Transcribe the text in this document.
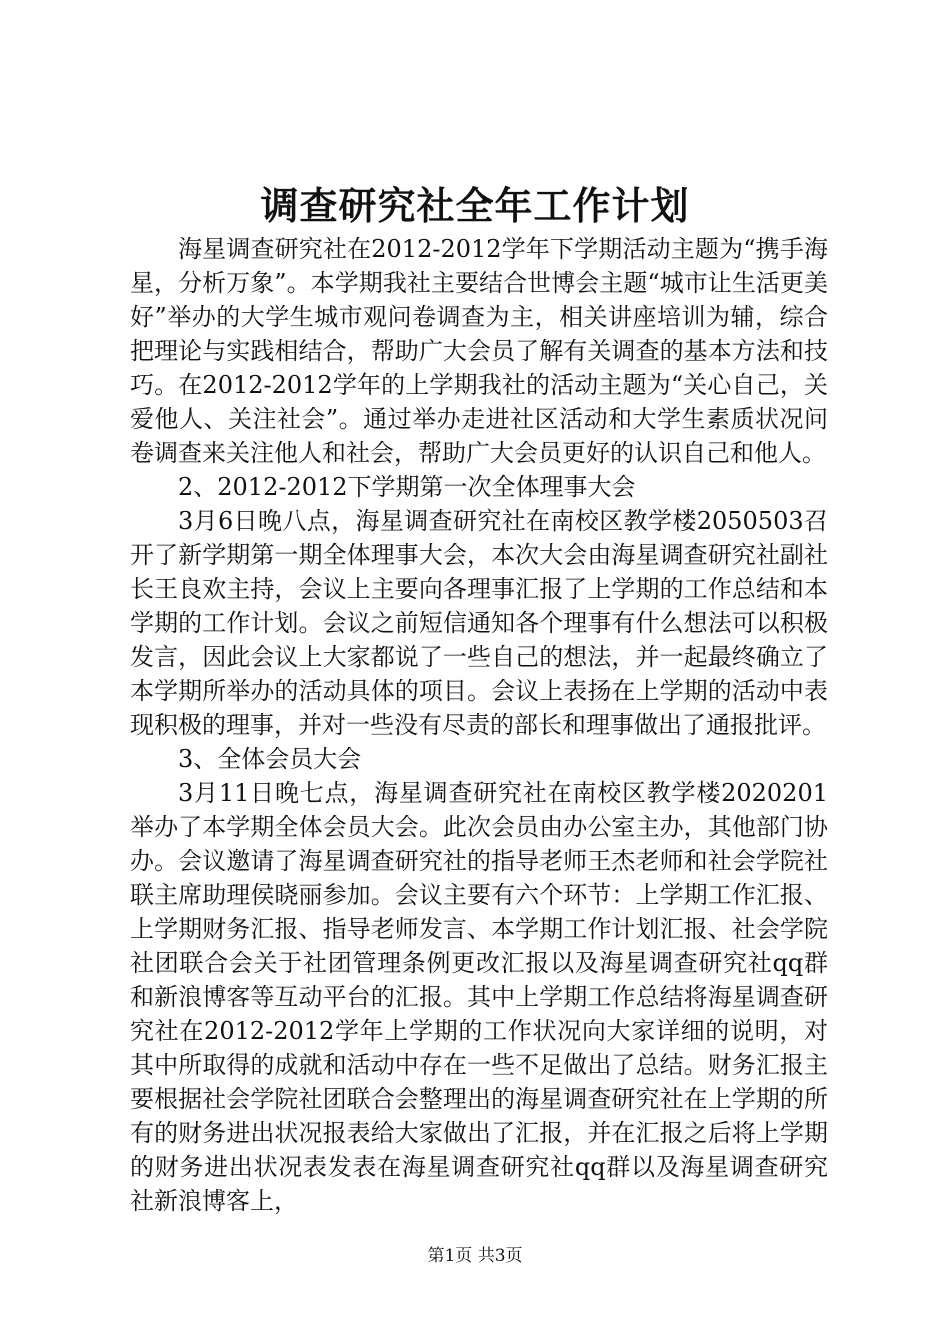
调查研究社全年工作计划

海星调查研究社在2012-2012学年下学期活动主题为“携手海星，分析万象”。本学期我社主要结合世博会主题“城市让生活更美好”举办的大学生城市观问卷调查为主，相关讲座培训为辅，综合把理论与实践相结合，帮助广大会员了解有关调查的基本方法和技巧。在2012-2012学年的上学期我社的活动主题为“关心自己，关爱他人、关注社会”。通过举办走进社区活动和大学生素质状况问卷调查来关注他人和社会，帮助广大会员更好的认识自己和他人。

2、2012-2012下学期第一次全体理事大会

3月6日晚八点，海星调查研究社在南校区教学楼2050503召开了新学期第一期全体理事大会，本次大会由海星调查研究社副社长王良欢主持，会议上主要向各理事汇报了上学期的工作总结和本学期的工作计划。会议之前短信通知各个理事有什么想法可以积极发言，因此会议上大家都说了一些自己的想法，并一起最终确立了本学期所举办的活动具体的项目。会议上表扬在上学期的活动中表现积极的理事，并对一些没有尽责的部长和理事做出了通报批评。

3、全体会员大会

3月11日晚七点，海星调查研究社在南校区教学楼2020201举办了本学期全体会员大会。此次会员由办公室主办，其他部门协办。会议邀请了海星调查研究社的指导老师王杰老师和社会学院社联主席助理侯晓丽参加。会议主要有六个环节：上学期工作汇报、上学期财务汇报、指导老师发言、本学期工作计划汇报、社会学院社团联合会关于社团管理条例更改汇报以及海星调查研究社qq群和新浪博客等互动平台的汇报。其中上学期工作总结将海星调查研究社在2012-2012学年上学期的工作状况向大家详细的说明，对其中所取得的成就和活动中存在一些不足做出了总结。财务汇报主要根据社会学院社团联合会整理出的海星调查研究社在上学期的所有的财务进出状况报表给大家做出了汇报，并在汇报之后将上学期的财务进出状况表发表在海星调查研究社qq群以及海星调查研究社新浪博客上，

第1页 共3页
